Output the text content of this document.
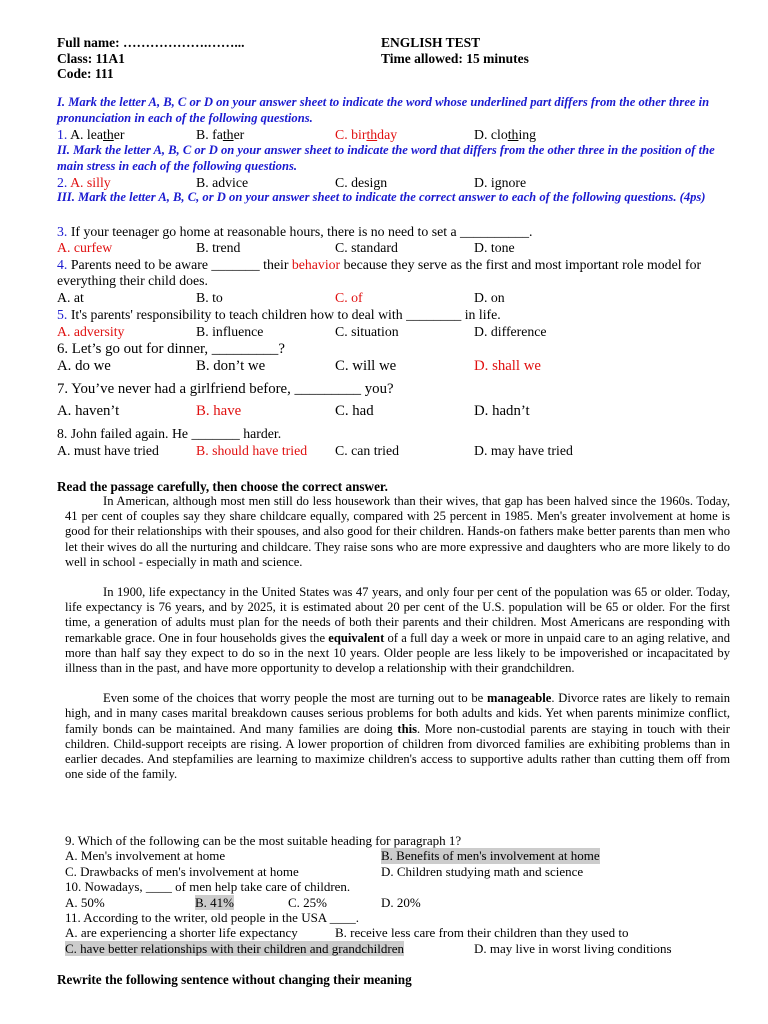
Full name: ……………….……...
Class: 11A1
Code: 111
ENGLISH TEST
Time allowed: 15 minutes
I. Mark the letter A, B, C or D on your answer sheet to indicate the word whose underlined part differs from the other three in pronunciation in each of the following questions.
1. A. leather	B. father	C. birthday	D. clothing
II. Mark the letter A, B, C or D on your answer sheet to indicate the word that differs from the other three in the position of the main stress in each of the following questions.
2. A. silly	B. advice	C. design	D. ignore
III. Mark the letter A, B, C, or D on your answer sheet to indicate the correct answer to each of the following questions. (4ps)
3. If your teenager go home at reasonable hours, there is no need to set a __________.
A. curfew	B. trend	C. standard	D. tone
4. Parents need to be aware _______ their behavior because they serve as the first and most important role model for everything their child does.
A. at	B. to	C. of	D. on
5. It's parents' responsibility to teach children how to deal with ________ in life.
A. adversity	B. influence	C. situation	D. difference
6. Let’s go out for dinner, _________?
A. do we	B. don’t we	C. will we	D. shall we
7. You’ve never had a girlfriend before, _________ you?
A. haven’t	B. have	C. had	D. hadn’t
8. John failed again. He _______ harder.
A. must have tried	B. should have tried C. can tried	D. may have tried
Read the passage carefully, then choose the correct answer.

In American, although most men still do less housework than their wives, that gap has been halved since the 1960s. Today, 41 per cent of couples say they share childcare equally, compared with 25 percent in 1985. Men's greater involvement at home is good for their relationships with their spouses, and also good for their children. Hands-on fathers make better parents than men who let their wives do all the nurturing and childcare. They raise sons who are more expressive and daughters who are more likely to do well in school - especially in math and science.

In 1900, life expectancy in the United States was 47 years, and only four per cent of the population was 65 or older. Today, life expectancy is 76 years, and by 2025, it is estimated about 20 per cent of the U.S. population will be 65 or older. For the first time, a generation of adults must plan for the needs of both their parents and their children. Most Americans are responding with remarkable grace. One in four households gives the equivalent of a full day a week or more in unpaid care to an aging relative, and more than half say they expect to do so in the next 10 years. Older people are less likely to be impoverished or incapacitated by illness than in the past, and have more opportunity to develop a relationship with their grandchildren.

Even some of the choices that worry people the most are turning out to be manageable. Divorce rates are likely to remain high, and in many cases marital breakdown causes serious problems for both adults and kids. Yet when parents minimize conflict, family bonds can be maintained. And many families are doing this. More non-custodial parents are staying in touch with their children. Child-support receipts are rising. A lower proportion of children from divorced families are exhibiting problems than in earlier decades. And stepfamilies are learning to maximize children's access to supportive adults rather than cutting them off from one side of the family.

9. Which of the following can be the most suitable heading for paragraph 1?
A. Men's involvement at home	B. Benefits of men's involvement at home
C. Drawbacks of men's involvement at home	D. Children studying math and science
10. Nowadays, ____ of men help take care of children.
A. 50%	B. 41%	C. 25%	D. 20%
11. According to the writer, old people in the USA ____.
A. are experiencing a shorter life expectancy	B. receive less care from their children than they used to
C. have better relationships with their children and grandchildren	D. may live in worst living conditions
Rewrite the following sentence without changing their meaning
